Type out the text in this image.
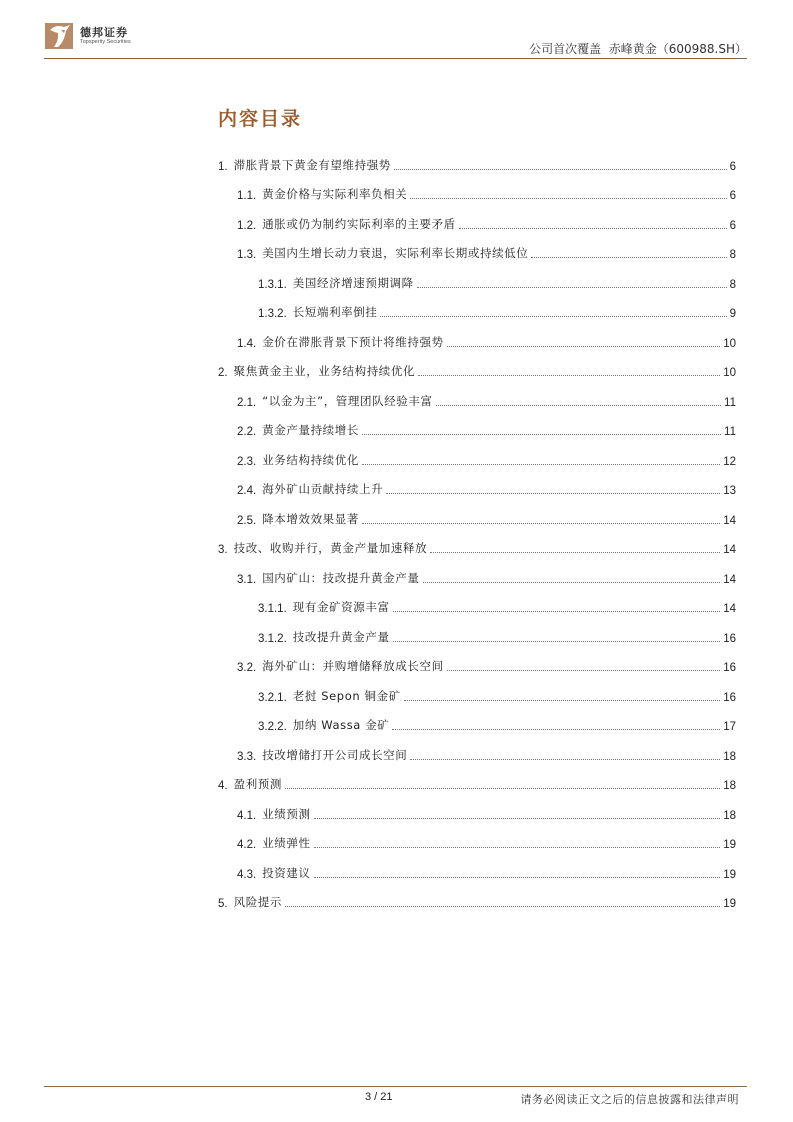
德邦证券
Topsperity Securities
公司首次覆盖 赤峰黄金（600988.SH）
内容目录
1. 滞胀背景下黄金有望维持强势	6
1.1. 黄金价格与实际利率负相关	6
1.2. 通胀或仍为制约实际利率的主要矛盾	6
1.3. 美国内生增长动力衰退，实际利率长期或持续低位	8
1.3.1. 美国经济增速预期调降	8
1.3.2. 长短端利率倒挂	9
1.4. 金价在滞胀背景下预计将维持强势	10
2. 聚焦黄金主业，业务结构持续优化	10
2.1. “以金为主”，管理团队经验丰富	11
2.2. 黄金产量持续增长	11
2.3. 业务结构持续优化	12
2.4. 海外矿山贡献持续上升	13
2.5. 降本增效效果显著	14
3. 技改、收购并行，黄金产量加速释放	14
3.1. 国内矿山：技改提升黄金产量	14
3.1.1. 现有金矿资源丰富	14
3.1.2. 技改提升黄金产量	16
3.2. 海外矿山：并购增储释放成长空间	16
3.2.1. 老挝 Sepon 铜金矿	16
3.2.2. 加纳 Wassa 金矿	17
3.3. 技改增储打开公司成长空间	18
4. 盈利预测	18
4.1. 业绩预测	18
4.2. 业绩弹性	19
4.3. 投资建议	19
5. 风险提示	19
3 / 21	请务必阅读正文之后的信息披露和法律声明
